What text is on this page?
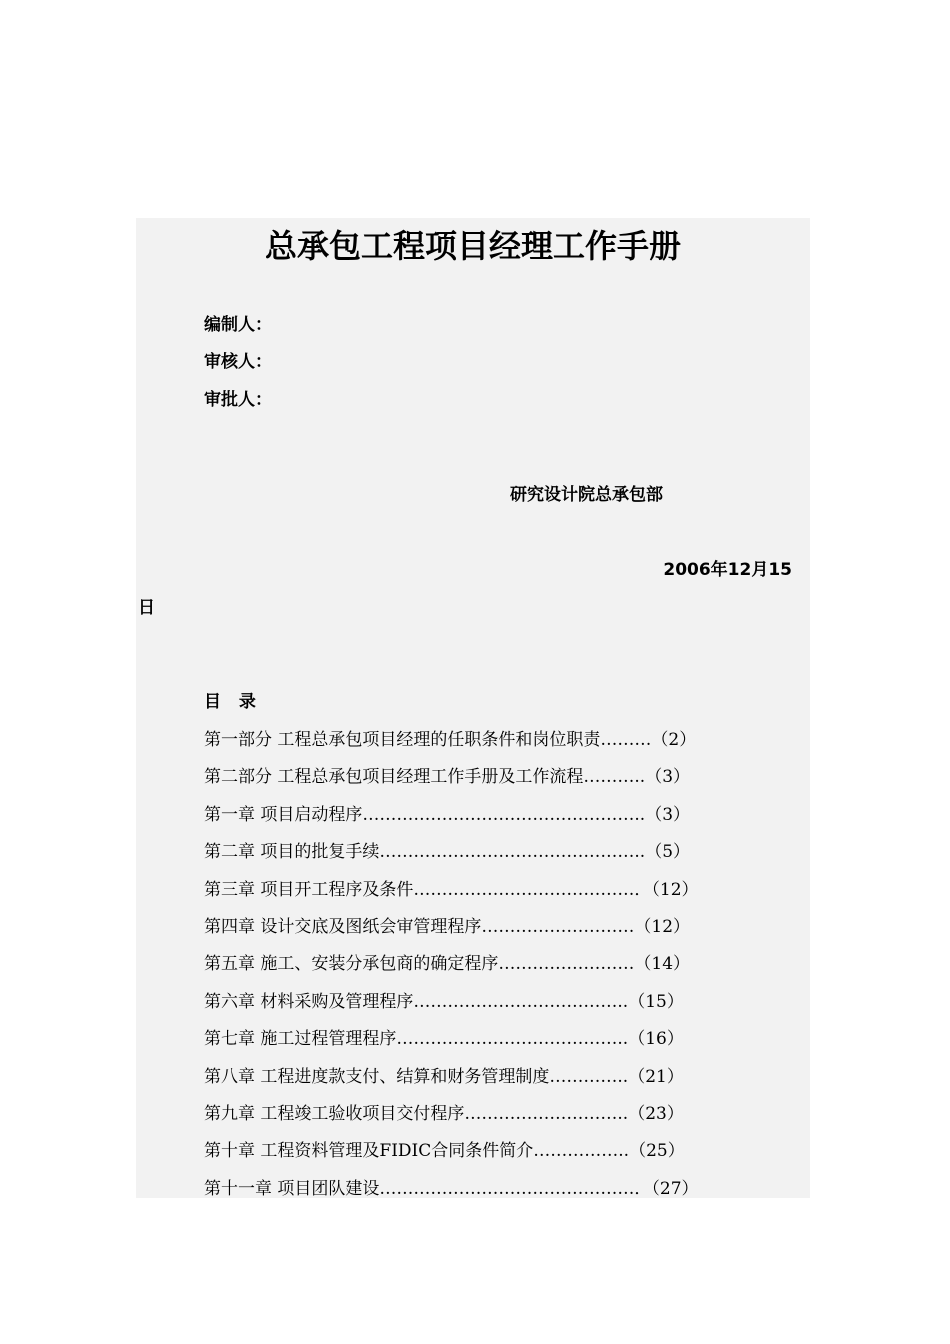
总承包工程项目经理工作手册
编制人：
审核人：
审批人：
研究设计院总承包部
2006年12月15
日
目 录
第一部分 工程总承包项目经理的任职条件和岗位职责………（2）
第二部分 工程总承包项目经理工作手册及工作流程………..（3）
第一章 项目启动程序…………………………………………..（3）
第二章 项目的批复手续………………………………………..（5）
第三章 项目开工程序及条件…………………………………．（12）
第四章 设计交底及图纸会审管理程序………………………（12）
第五章 施工、安装分承包商的确定程序……………………（14）
第六章 材料采购及管理程序………………………………..（15）
第七章 施工过程管理程序…………………………………..（16）
第八章 工程进度款支付、结算和财务管理制度…………..（21）
第九章 工程竣工验收项目交付程序………………………..（23）
第十章 工程资料管理及FIDIC合同条件简介……………..（25）
第十一章 项目团队建设………………………………………．（27）
